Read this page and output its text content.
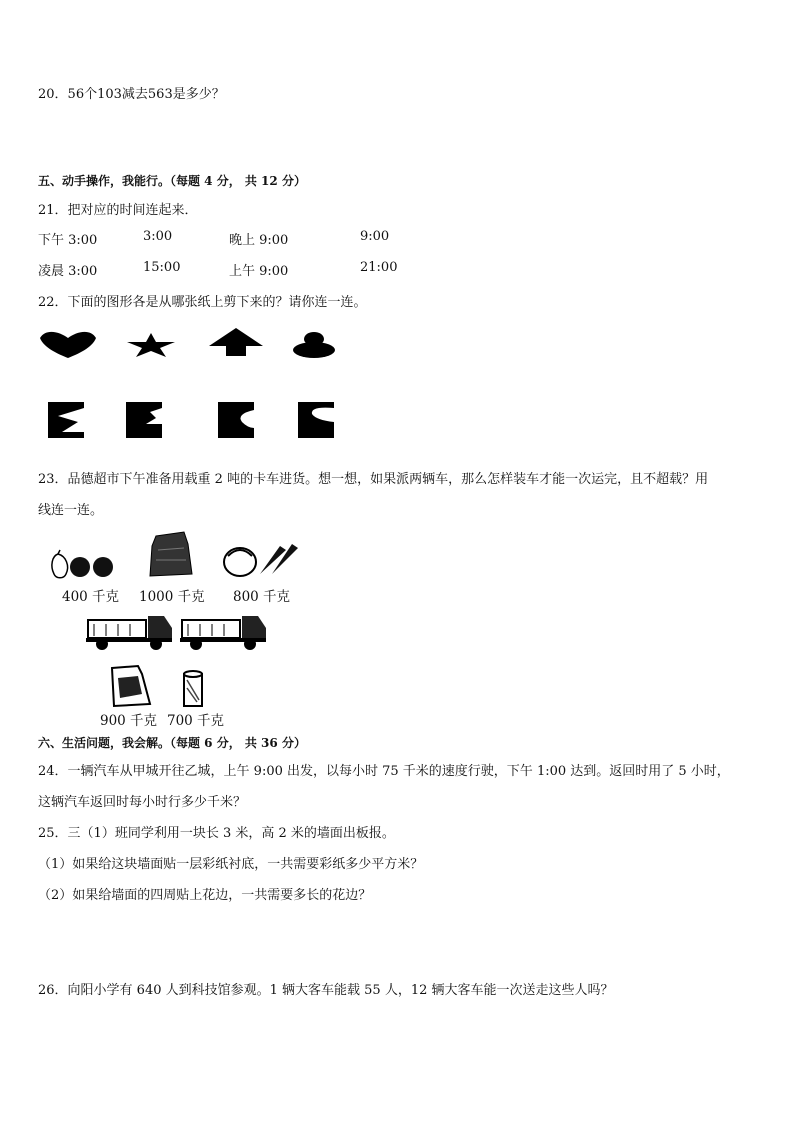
20．56个103减去563是多少？
五、动手操作，我能行。（每题 4 分， 共 12 分）
21．把对应的时间连起来．
下午 3:00	3:00	晚上 9:00	9:00
凌晨 3:00	15:00	上午 9:00	21:00
22．下面的图形各是从哪张纸上剪下来的？请你连一连。
23．品德超市下午准备用载重 2 吨的卡车进货。想一想，如果派两辆车，那么怎样装车才能一次运完，且不超载？用
线连一连。
400 千克 1000 千克 800 千克
900 千克 700 千克
六、生活问题，我会解。（每题 6 分， 共 36 分）
24．一辆汽车从甲城开往乙城，上午 9:00 出发，以每小时 75 千米的速度行驶，下午 1:00 达到。返回时用了 5 小时，
这辆汽车返回时每小时行多少千米？
25．三（1）班同学利用一块长 3 米，高 2 米的墙面出板报。
（1）如果给这块墙面贴一层彩纸衬底，一共需要彩纸多少平方米？
（2）如果给墙面的四周贴上花边，一共需要多长的花边？
26．向阳小学有 640 人到科技馆参观。1 辆大客车能载 55 人，12 辆大客车能一次送走这些人吗？
